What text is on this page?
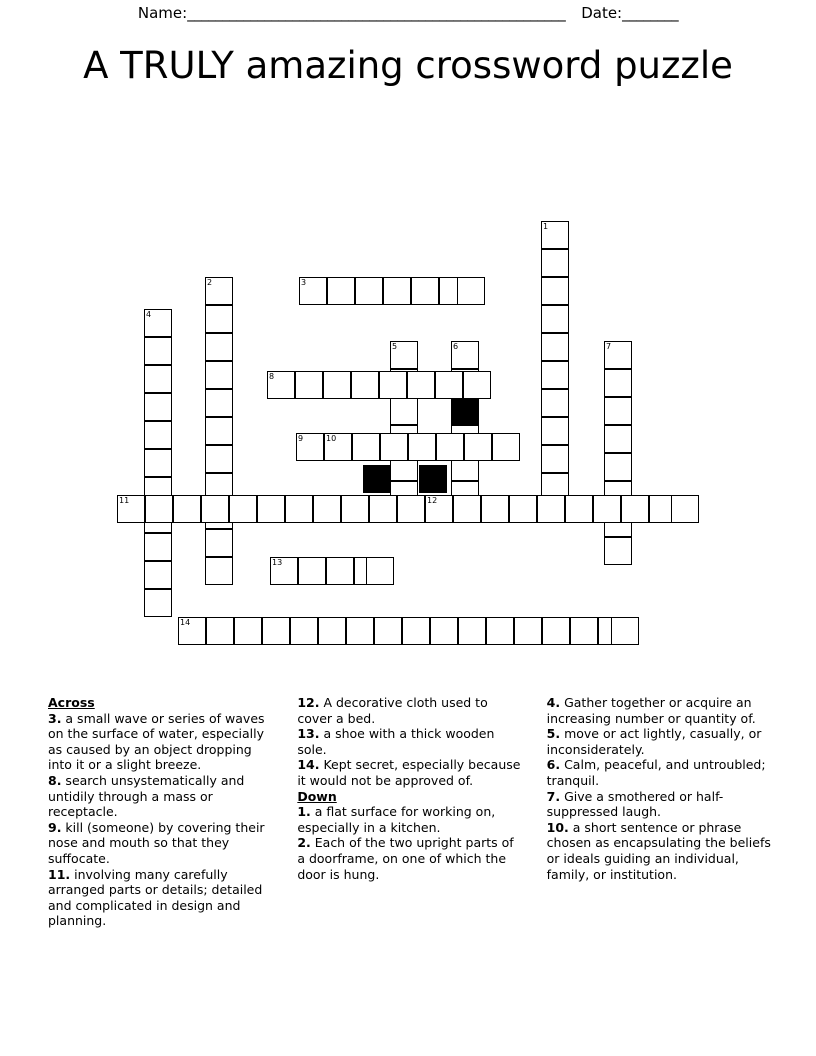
Name: ______________________________________________________ Date: ________
A TRULY amazing crossword puzzle
1
2	3
4
5	6	7
8
9	10
11	12
13
14
Across

3. a small wave or series of waves on the surface of water, especially as caused by an object dropping into it or a slight breeze.

8. search unsystematically and untidily through a mass or receptacle.

9. kill (someone) by covering their nose and mouth so that they suffocate.

11. involving many carefully arranged parts or details; detailed and complicated in design and planning.

12. A decorative cloth used to cover a bed.

13. a shoe with a thick wooden sole.

14. Kept secret, especially because it would not be approved of.

Down

1. a flat surface for working on, especially in a kitchen.

2. Each of the two upright parts of a doorframe, on one of which the door is hung.

4. Gather together or acquire an increasing number or quantity of.

5. move or act lightly, casually, or inconsiderately.

6. Calm, peaceful, and untroubled; tranquil.

7. Give a smothered or half-suppressed laugh.

10. a short sentence or phrase chosen as encapsulating the beliefs or ideals guiding an individual, family, or institution.
